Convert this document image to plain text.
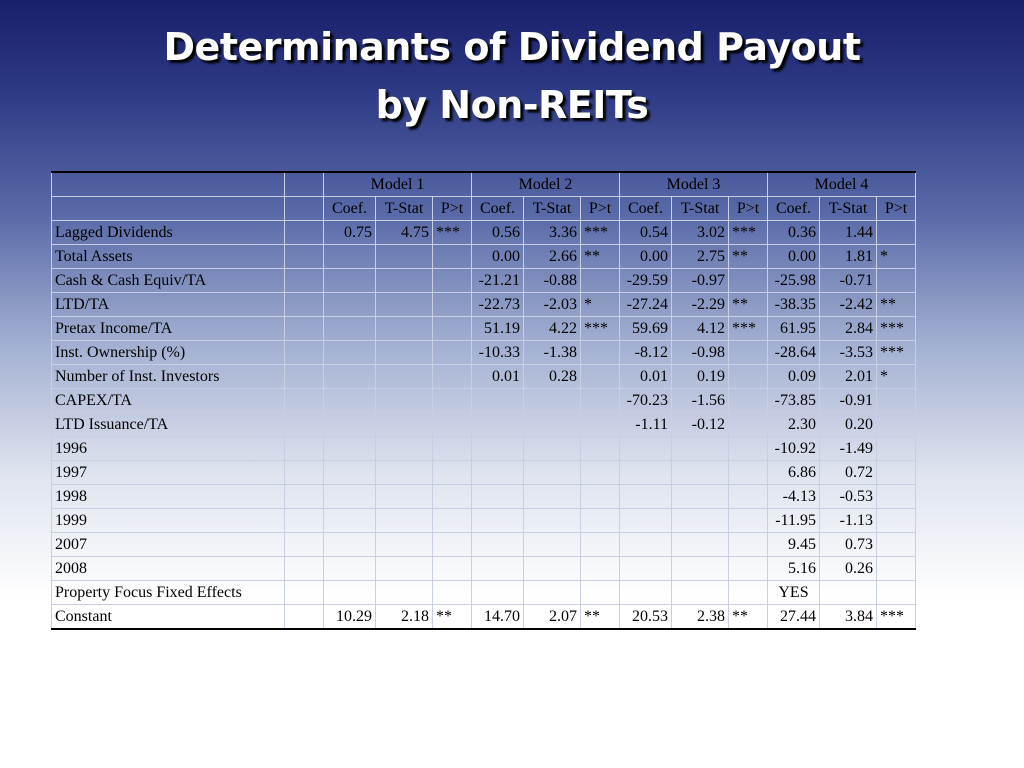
Determinants of Dividend Payout
by Non-REITs
		Model 1			Model 2			Model 3			Model 4		
		Coef.	T-Stat	P>t	Coef.	T-Stat	P>t	Coef.	T-Stat	P>t	Coef.	T-Stat	P>t
Lagged Dividends		0.75	4.75	***	0.56	3.36	***	0.54	3.02	***	0.36	1.44	
Total Assets					0.00	2.66	**	0.00	2.75	**	0.00	1.81	*
Cash & Cash Equiv/TA					-21.21	-0.88		-29.59	-0.97		-25.98	-0.71	
LTD/TA					-22.73	-2.03	*	-27.24	-2.29	**	-38.35	-2.42	**
Pretax Income/TA					51.19	4.22	***	59.69	4.12	***	61.95	2.84	***
Inst. Ownership (%)					-10.33	-1.38		-8.12	-0.98		-28.64	-3.53	***
Number of Inst. Investors					0.01	0.28		0.01	0.19		0.09	2.01	*
CAPEX/TA								-70.23	-1.56		-73.85	-0.91	
LTD Issuance/TA								-1.11	-0.12		2.30	0.20	
1996											-10.92	-1.49	
1997											6.86	0.72	
1998											-4.13	-0.53	
1999											-11.95	-1.13	
2007											9.45	0.73	
2008											5.16	0.26	
Property Focus Fixed Effects											YES		
Constant		10.29	2.18	**	14.70	2.07	**	20.53	2.38	**	27.44	3.84	***
